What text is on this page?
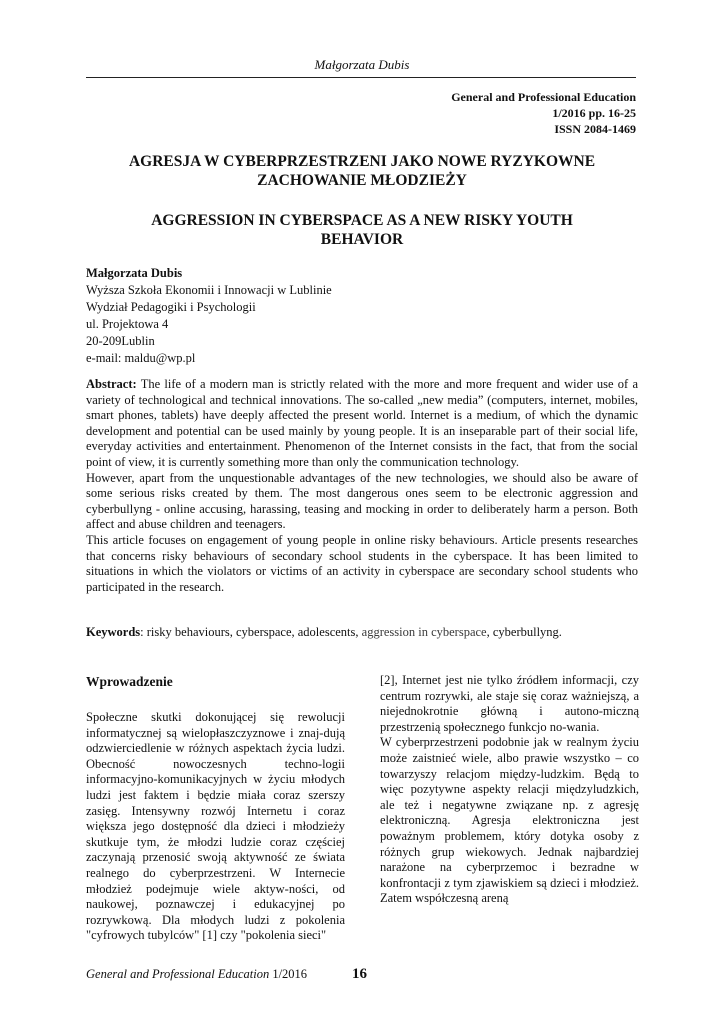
Małgorzata Dubis
General and Professional Education
1/2016 pp. 16-25
ISSN 2084-1469
AGRESJA W CYBERPRZESTRZENI JAKO NOWE RYZYKOWNE
ZACHOWANIE MŁODZIEŻY
AGGRESSION IN CYBERSPACE AS A NEW RISKY YOUTH
BEHAVIOR
Małgorzata Dubis
Wyższa Szkoła Ekonomii i Innowacji w Lublinie
Wydział Pedagogiki i Psychologii
ul. Projektowa 4
20-209Lublin
e-mail: maldu@wp.pl

Abstract: The life of a modern man is strictly related with the more and more frequent and wider use of a variety of technological and technical innovations. The so-called „new media” (computers, internet, mobiles, smart phones, tablets) have deeply affected the present world. Internet is a medium, of which the dynamic development and potential can be used mainly by young people. It is an inseparable part of their social life, everyday activities and entertainment. Phenomenon of the Internet consists in the fact, that from the social point of view, it is currently something more than only the communication technology.

However, apart from the unquestionable advantages of the new technologies, we should also be aware of some serious risks created by them. The most dangerous ones seem to be electronic aggression and cyberbullyng - online accusing, harassing, teasing and mocking in order to deliberately harm a person. Both affect and abuse children and teenagers.

This article focuses on engagement of young people in online risky behaviours. Article presents researches that concerns risky behaviours of secondary school students in the cyberspace. It has been limited to situations in which the violators or victims of an activity in cyberspace are secondary school students who participated in the research.

Keywords: risky behaviours, cyberspace, adolescents, aggression in cyberspace, cyberbullyng.
Wprowadzenie

Społeczne skutki dokonującej się rewolucji informatycznej są wielopłaszczyznowe i znaj-dują odzwierciedlenie w różnych aspektach życia ludzi. Obecność nowoczesnych techno-logii informacyjno-komunikacyjnych w życiu młodych ludzi jest faktem i będzie miała coraz szerszy zasięg. Intensywny rozwój Internetu i coraz większa jego dostępność dla dzieci i młodzieży skutkuje tym, że młodzi ludzie coraz częściej zaczynają przenosić swoją aktywność ze świata realnego do cyberprzestrzeni. W Internecie młodzież podejmuje wiele aktyw-ności, od naukowej, poznawczej i edukacyjnej po rozrywkową. Dla młodych ludzi z pokolenia "cyfrowych tubylców" [1] czy "pokolenia sieci"

[2], Internet jest nie tylko źródłem informacji, czy centrum rozrywki, ale staje się coraz ważniejszą, a niejednokrotnie główną i autono-miczną przestrzenią społecznego funkcjo no-wania.

W cyberprzestrzeni podobnie jak w realnym życiu może zaistnieć wiele, albo prawie wszystko – co towarzyszy relacjom między-ludzkim. Będą to więc pozytywne aspekty relacji międzyludzkich, ale też i negatywne związane np. z agresję elektroniczną. Agresja elektroniczna jest poważnym problemem, który dotyka osoby z różnych grup wiekowych. Jednak najbardziej narażone na cyberprzemoc i bezradne w konfrontacji z tym zjawiskiem są dzieci i młodzież. Zatem współczesną areną

General and Professional Education 1/2016	16
